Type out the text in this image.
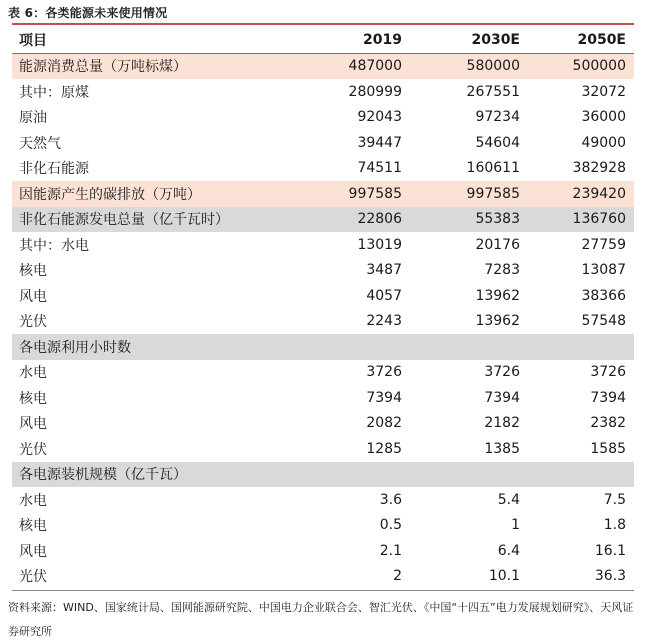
表 6：各类能源未来使用情况
项目	2019	2030E	2050E
能源消费总量（万吨标煤）	487000	580000	500000
其中：原煤	280999	267551	32072
原油	92043	97234	36000
天然气	39447	54604	49000
非化石能源	74511	160611	382928
因能源产生的碳排放（万吨）	997585	997585	239420
非化石能源发电总量（亿千瓦时）	22806	55383	136760
其中：水电	13019	20176	27759
核电	3487	7283	13087
风电	4057	13962	38366
光伏	2243	13962	57548
各电源利用小时数			
水电	3726	3726	3726
核电	7394	7394	7394
风电	2082	2182	2382
光伏	1285	1385	1585
各电源装机规模（亿千瓦）			
水电	3.6	5.4	7.5
核电	0.5	1	1.8
风电	2.1	6.4	16.1
光伏	2	10.1	36.3
资料来源：WIND、国家统计局、国网能源研究院、中国电力企业联合会、智汇光伏、《中国“十四五”电力发展规划研究》、天风证券研究所
